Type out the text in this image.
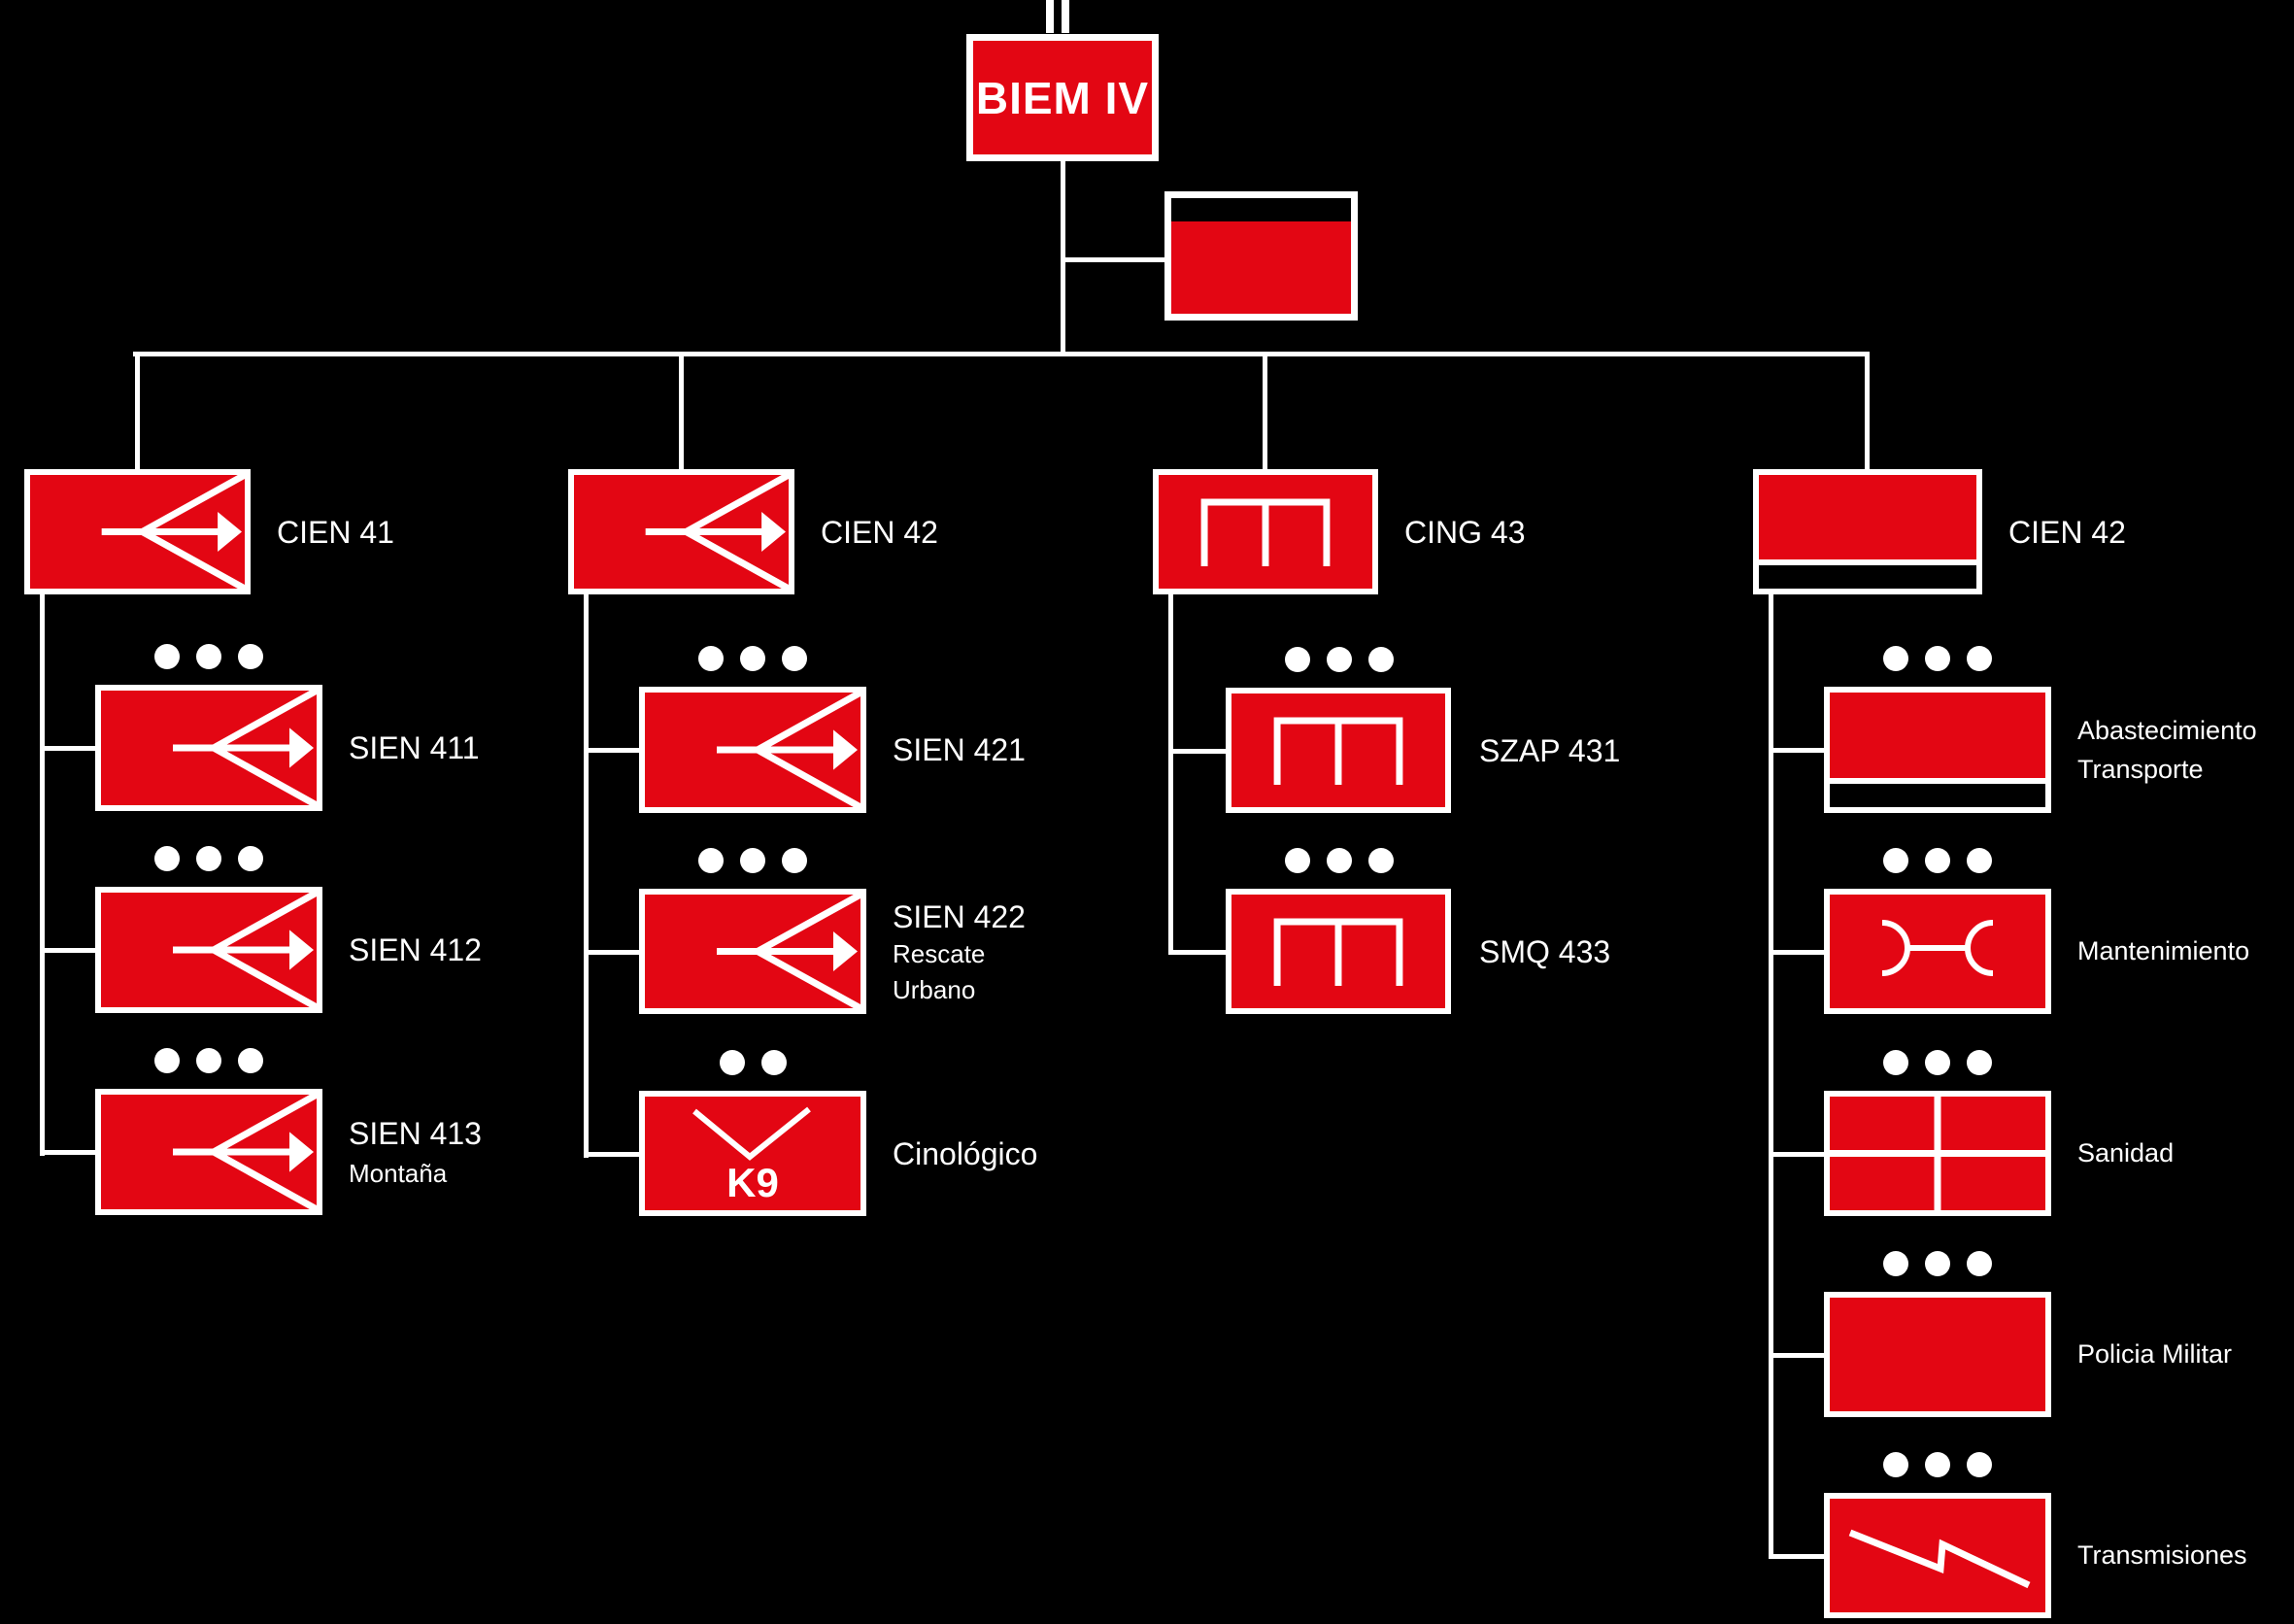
BIEM IV
CIEN 41	CIEN 42	CING 43	CIEN 42
SIEN 411
SIEN 412
SIEN 413
Montaña
SIEN 421
SIEN 422
Rescate
Urbano
K9
Cinológico
SZAP 431
SMQ 433
Abastecimiento
Transporte
Mantenimiento
Sanidad
Policia Militar
Transmisiones
